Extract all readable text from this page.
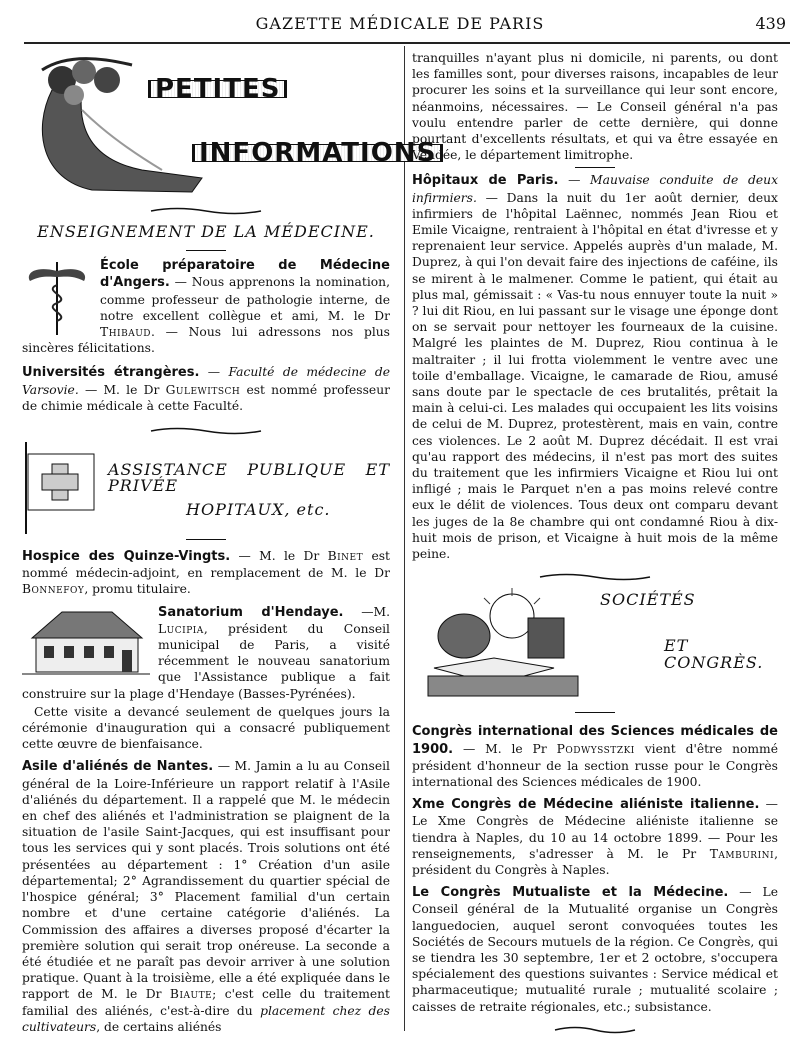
GAZETTE MÉDICALE DE PARIS	439
PETITES
INFORMATIONS
ENSEIGNEMENT DE LA MÉDECINE.

École préparatoire de Médecine d'Angers. — Nous apprenons la nomination, comme professeur de pathologie interne, de notre excellent collègue et ami, M. le Dr Thibaud. — Nous lui adressons nos plus sincères félicitations.

Universités étrangères. — Faculté de médecine de Varsovie. — M. le Dr Gulewitsch est nommé professeur de chimie médicale à cette Faculté.

ASSISTANCE PUBLIQUE ET PRIVÉE
HOPITAUX, etc.

Hospice des Quinze-Vingts. — M. le Dr Binet est nommé médecin-adjoint, en remplacement de M. le Dr Bonnefoy, promu titulaire.

Sanatorium d'Hendaye. —M. Lucipia, président du Conseil municipal de Paris, a visité récemment le nouveau sanatorium que l'Assistance publique a fait construire sur la plage d'Hendaye (Basses-Pyrénées).

Cette visite a devancé seulement de quelques jours la cérémonie d'inauguration qui a consacré publiquement cette œuvre de bienfaisance.

Asile d'aliénés de Nantes. — M. Jamin a lu au Conseil général de la Loire-Inférieure un rapport relatif à l'Asile d'aliénés du département. Il a rappelé que M. le médecin en chef des aliénés et l'administration se plaignent de la situation de l'asile Saint-Jacques, qui est insuffisant pour tous les services qui y sont placés. Trois solutions ont été présentées au département : 1° Création d'un asile départemental; 2° Agrandissement du quartier spécial de l'hospice général; 3° Placement familial d'un certain nombre et d'une certaine catégorie d'aliénés. La Commission des affaires a diverses proposé d'écarter la première solution qui serait trop onéreuse. La seconde a été étudiée et ne paraît pas devoir arriver à une solution pratique. Quant à la troisième, elle a été expliquée dans le rapport de M. le Dr Biaute; c'est celle du traitement familial des aliénés, c'est-à-dire du placement chez des cultivateurs, de certains aliénés

tranquilles n'ayant plus ni domicile, ni parents, ou dont les familles sont, pour diverses raisons, incapables de leur procurer les soins et la surveillance qui leur sont encore, néanmoins, nécessaires. — Le Conseil général n'a pas voulu entendre parler de cette dernière, qui donne pourtant d'excellents résultats, et qui va être essayée en Vendée, le département limitrophe.

Hôpitaux de Paris. — Mauvaise conduite de deux infirmiers. — Dans la nuit du 1er août dernier, deux infirmiers de l'hôpital Laënnec, nommés Jean Riou et Emile Vicaigne, rentraient à l'hôpital en état d'ivresse et y reprenaient leur service. Appelés auprès d'un malade, M. Duprez, à qui l'on devait faire des injections de caféine, ils se mirent à le malmener. Comme le patient, qui était au plus mal, gémissait : « Vas-tu nous ennuyer toute la nuit » ? lui dit Riou, en lui passant sur le visage une éponge dont on se servait pour nettoyer les fourneaux de la cuisine. Malgré les plaintes de M. Duprez, Riou continua à le maltraiter ; il lui frotta violemment le ventre avec une toile d'emballage. Vicaigne, le camarade de Riou, amusé sans doute par le spectacle de ces brutalités, prêtait la main à celui-ci. Les malades qui occupaient les lits voisins de celui de M. Duprez, protestèrent, mais en vain, contre ces violences. Le 2 août M. Duprez décédait. Il est vrai qu'au rapport des médecins, il n'est pas mort des suites du traitement que les infirmiers Vicaigne et Riou lui ont infligé ; mais le Parquet n'en a pas moins relevé contre eux le délit de violences. Tous deux ont comparu devant les juges de la 8e chambre qui ont condamné Riou à dix-huit mois de prison, et Vicaigne à huit mois de la même peine.

SOCIÉTÉS
ET CONGRÈS.

Congrès international des Sciences médicales de 1900. — M. le Pr Podwysstzki vient d'être nommé président d'honneur de la section russe pour le Congrès international des Sciences médicales de 1900.

Xme Congrès de Médecine aliéniste italienne. — Le Xme Congrès de Médecine aliéniste italienne se tiendra à Naples, du 10 au 14 octobre 1899. — Pour les renseignements, s'adresser à M. le Pr Tamburini, président du Congrès à Naples.

Le Congrès Mutualiste et la Médecine. — Le Conseil général de la Mutualité organise un Congrès languedocien, auquel seront convoquées toutes les Sociétés de Secours mutuels de la région. Ce Congrès, qui se tiendra les 30 septembre, 1er et 2 octobre, s'occupera spécialement des questions suivantes : Service médical et pharmaceutique; mutualité rurale ; mutualité scolaire ; caisses de retraite régionales, etc.; subsistance.
